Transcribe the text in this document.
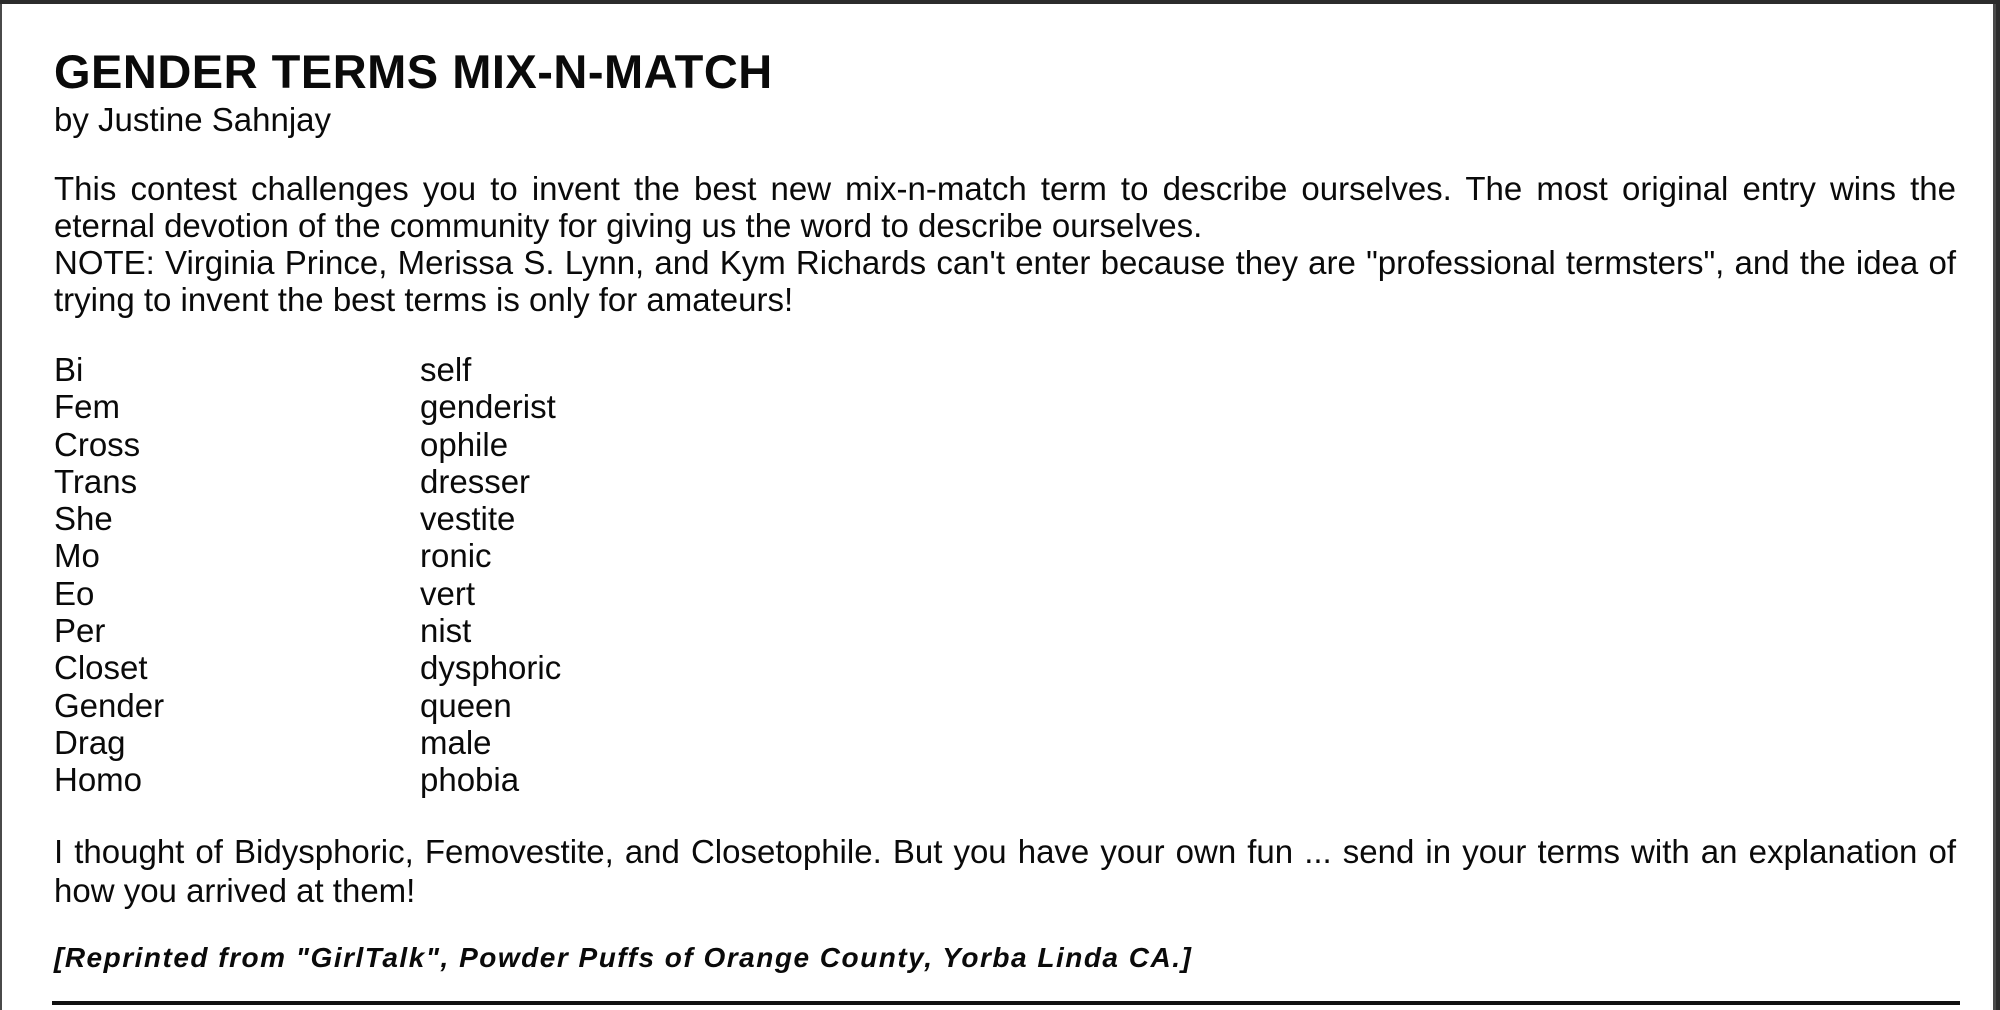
GENDER TERMS MIX-N-MATCH
by Justine Sahnjay

This contest challenges you to invent the best new mix-n-match term to describe ourselves. The most original entry wins the eternal devotion of the community for giving us the word to describe ourselves.

NOTE: Virginia Prince, Merissa S. Lynn, and Kym Richards can't enter because they are "professional termsters", and the idea of trying to invent the best terms is only for amateurs!

Bi	self
Fem	genderist
Cross	ophile
Trans	dresser
She	vestite
Mo	ronic
Eo	vert
Per	nist
Closet	dysphoric
Gender	queen
Drag	male
Homo	phobia

I thought of Bidysphoric, Femovestite, and Closetophile. But you have your own fun ... send in your terms with an explanation of how you arrived at them!

[Reprinted from "GirlTalk", Powder Puffs of Orange County, Yorba Linda CA.]
